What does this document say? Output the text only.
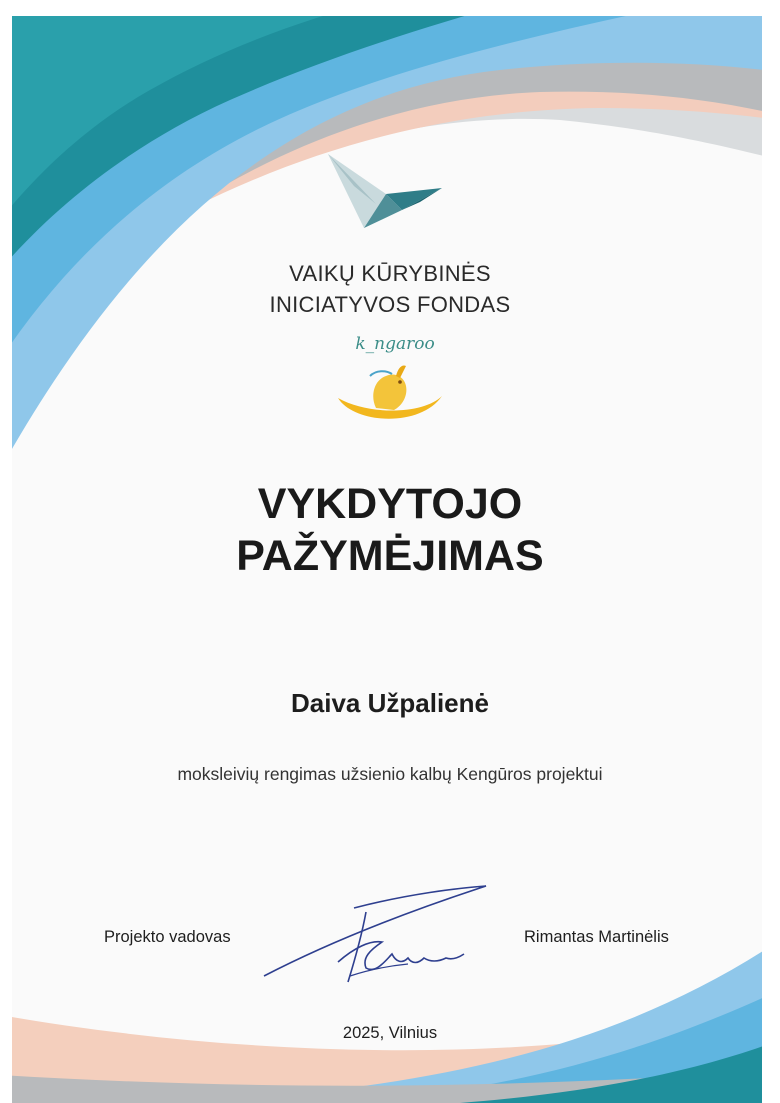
VAIKŲ KŪRYBINĖS
INICIATYVOS FONDAS
k_ngaroo
VYKDYTOJO
PAŽYMĖJIMAS
Daiva Užpalienė
moksleivių rengimas užsienio kalbų Kengūros projektui
Projekto vadovas	Rimantas Martinėlis
2025, Vilnius
